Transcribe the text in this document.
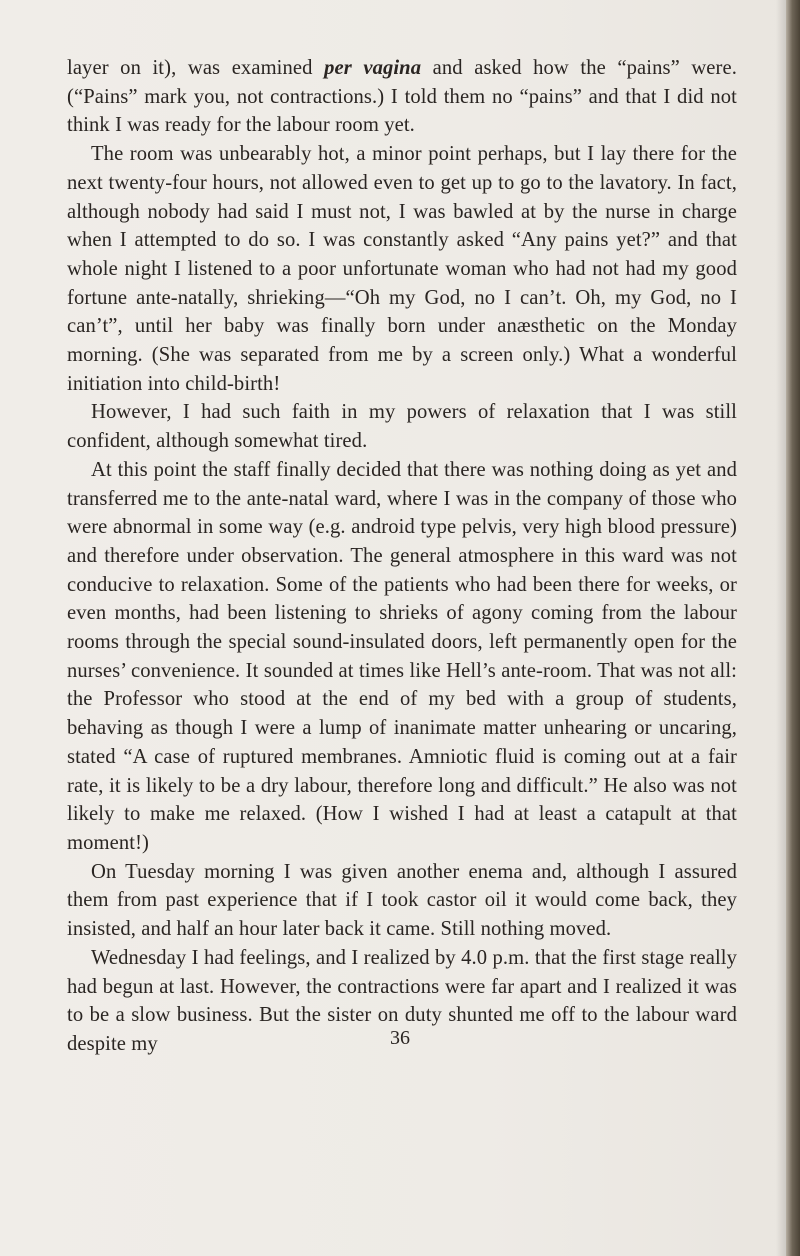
layer on it), was examined per vagina and asked how the “pains” were. (“Pains” mark you, not contractions.) I told them no “pains” and that I did not think I was ready for the labour room yet.

The room was unbearably hot, a minor point perhaps, but I lay there for the next twenty-four hours, not allowed even to get up to go to the lavatory. In fact, although nobody had said I must not, I was bawled at by the nurse in charge when I attempted to do so. I was constantly asked “Any pains yet?” and that whole night I listened to a poor unfortunate woman who had not had my good fortune ante-natally, shrieking—“Oh my God, no I can’t. Oh, my God, no I can’t”, until her baby was finally born under anæsthetic on the Monday morning. (She was separated from me by a screen only.) What a wonderful initiation into child-birth!

However, I had such faith in my powers of relaxation that I was still confident, although somewhat tired.

At this point the staff finally decided that there was nothing doing as yet and transferred me to the ante-natal ward, where I was in the company of those who were abnormal in some way (e.g. android type pelvis, very high blood pressure) and therefore under observation. The general atmosphere in this ward was not conducive to relaxation. Some of the patients who had been there for weeks, or even months, had been listening to shrieks of agony coming from the labour rooms through the special sound-insulated doors, left permanently open for the nurses’ convenience. It sounded at times like Hell’s ante-room. That was not all: the Professor who stood at the end of my bed with a group of students, behaving as though I were a lump of inanimate matter unhearing or uncaring, stated “A case of ruptured membranes. Amniotic fluid is coming out at a fair rate, it is likely to be a dry labour, therefore long and difficult.” He also was not likely to make me relaxed. (How I wished I had at least a catapult at that moment!)

On Tuesday morning I was given another enema and, although I assured them from past experience that if I took castor oil it would come back, they insisted, and half an hour later back it came. Still nothing moved.

Wednesday I had feelings, and I realized by 4.0 p.m. that the first stage really had begun at last. However, the contractions were far apart and I realized it was to be a slow business. But the sister on duty shunted me off to the labour ward despite my	36
